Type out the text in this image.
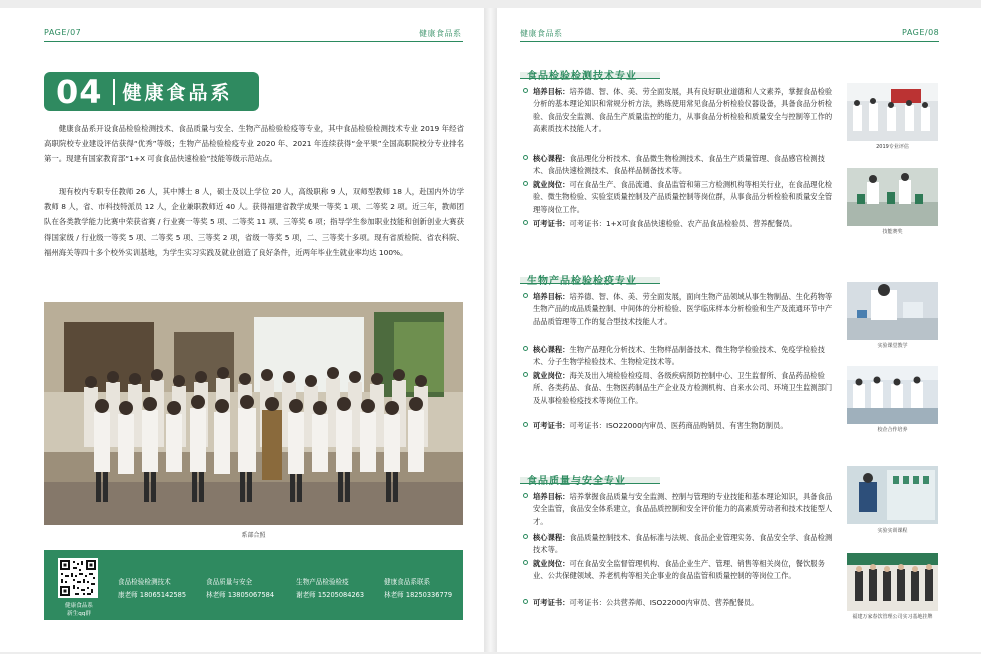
PAGE/07	健康食品系
04 健康食品系

健康食品系开设食品检验检测技术、食品质量与安全、生物产品检验检疫等专业，其中食品检验检测技术专业 2019 年经省高职院校专业建设评估获得“优秀”等级；生物产品检验检疫专业 2020 年、2021 年连续获得“金平果”全国高职院校分专业排名第一。现建有国家教育部“1+X 可食食品快速检验”技能等级示范站点。

现有校内专职专任教师 26 人，其中博士 8 人，硕士及以上学位 20 人，高级职称 9 人，双师型教师 18 人，赴国内外访学教师 8 人，省、市科技特派员 12 人，企业兼职教师近 40 人。获得福建省教学成果一等奖 1 项、二等奖 2 项。近三年，教师团队在各类教学能力比赛中荣获省赛 / 行业赛一等奖 5 项、二等奖 11 项、三等奖 6 项；指导学生参加职业技能和创新创业大赛获得国家级 / 行业级一等奖 5 项、二等奖 5 项、三等奖 2 项，省级一等奖 5 项，二、三等奖十多项。现有省质检院、省农科院、福州海关等四十多个校外实训基地，为学生实习实践及就业创造了良好条件，近两年毕业生就业率均达 100%。

系部合照
健康食品系
新生qq群
食品检验检测技术
康老师 18065142585
食品质量与安全
林老师 13805067584
生物产品检验检疫
谢老师 15205084263
健康食品系联系
林老师 18250336779
健康食品系	PAGE/08
食品检验检测技术专业
培养目标：培养德、智、体、美、劳全面发展，具有良好职业道德和人文素养，掌握食品检验分析的基本理论知识和常规分析方法，熟练使用常见食品分析检验仪器设备，具备食品分析检验、食品安全监测、食品生产质量监控的能力，从事食品分析检验和质量安全与控制等工作的高素质技术技能人才。
核心课程：食品理化分析技术、食品微生物检测技术、食品生产质量管理、食品感官检测技术、食品快速检测技术、食品样品制备技术等。
就业岗位：可在食品生产、食品流通、食品监管和第三方检测机构等相关行业，在食品理化检验、微生物检验、实验室质量控制及产品质量控制等岗位群，从事食品分析检验和质量安全管理等岗位工作。
可考证书：可考证书：1+X可食食品快速检验、农产品食品检验员、营养配餐员。
2019专业评估
技能赛奖
生物产品检验检疫专业
培养目标：培养德、智、体、美、劳全面发展，面向生物产品领域从事生物制品、生化药物等生物产品的成品质量控制、中间体的分析检验、医学临床样本分析检验和生产及流通环节中产品品质管理等工作的复合型技术技能人才。
核心课程：生物产品理化分析技术、生物样品制备技术、微生物学检验技术、免疫学检验技术、分子生物学检验技术、生物检定技术等。
就业岗位：海关及出入境检验检疫局、各级疾病预防控制中心、卫生监督所、食品药品检验所、各类药品、食品、生物医药制品生产企业及方检测机构、自来水公司、环境卫生监测部门及从事检验检疫技术等岗位工作。
可考证书：可考证书：ISO22000内审员、医药商品购销员、有害生物防制员。
实验课堂教学
校企合作培养
食品质量与安全专业
培养目标：培养掌握食品质量与安全监测、控制与管理的专业技能和基本理论知识，具备食品安全监管，食品安全体系建立，食品品质控制和安全评价能力的高素质劳动者和技术技能型人才。
核心课程：食品质量控制技术、食品标准与法规、食品企业管理实务、食品安全学、食品检测技术等。
就业岗位：可在食品安全监督管理机构、食品企业生产、管理、销售等相关岗位，餐饮服务业、公共保健领域、养老机构等相关企事业的食品监管和质量控制的等岗位工作。
可考证书：可考证书：公共营养师、ISO22000内审员、营养配餐员。
实验实训课程
福建万家春饮管理公司实习基地挂牌
